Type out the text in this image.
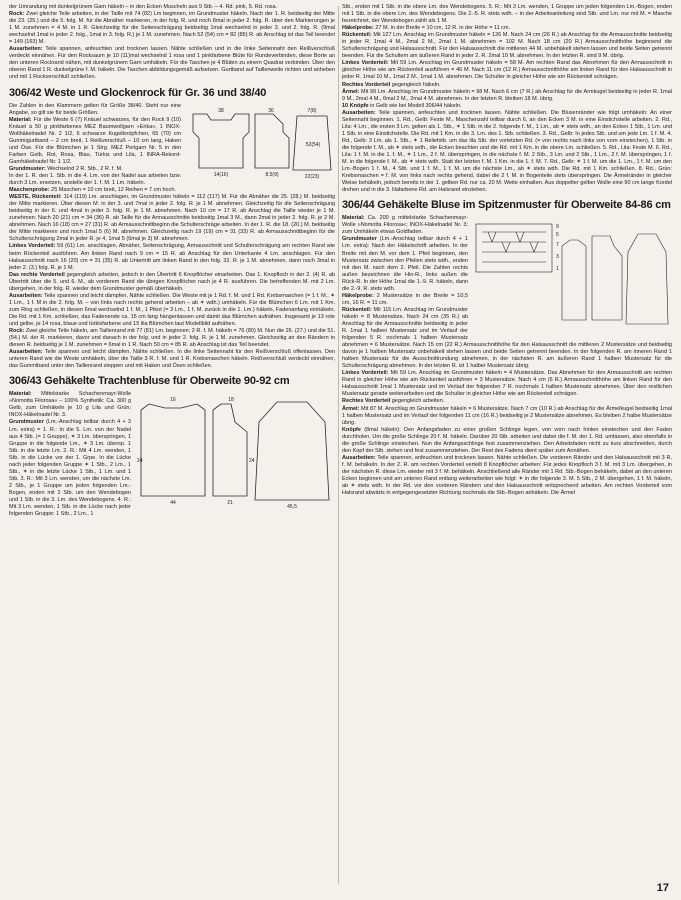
der Umrandung mit dunkelgrünem Garn häkeln – in den Ecken Muscheln aus 9 Stb. – 4. Rd. pink, 5. Rd. rosa.

Rock: Zwei gleiche Teile arbeiten, in der Taille mit 74 (82) Lm beginnen, im Grundmuster häkeln. Nach der 1. R. beidseitig der Mitte die 23. (25.) und die 5. folg. M. für die Abnäher markieren, in der folg. R. und noch 8mal in jeder 2. folg. R. über den Markierungen je 1 M. zunehmen = 4 M. in 1 R. Gleichzeitig für die Seitenschrägung beidseitig 1mal wechselnd in jeder 3. und 2. folg. R. (9mal wechselnd 1mal in jeder 2. folg., 1mal in 3. folg. R.) je 1 M. zunehmen. Nach 52 (54) cm = 82 (85) R. ab Anschlag ist das Teil beendet = 149 (163) M.

Ausarbeiten: Teile spannen, anfeuchten und trocknen lassen. Nähte schließen und in die linke Seitennaht den Reißverschluß verdeckt einnähen. Für den Rocksaum je 10 (11)mal wechselnd 1 rosa und 1 pinkfarbene Blüte für Rundeverbinden, diese Borte an den unteren Rockrand nähen, mit dunkelgrünem Garn umhäkeln. Für die Taschen je 4 Blüten zu einem Quadrat verbinden. Über den oberen Rand 1 R. dunkelgrüne f. M. häkeln. Die Taschen abbildungsgemäß aufsetzen. Gurtband auf Taillenweite richten und anheben und mit 1 Rockverschluß schließen.

306/42 Weste und Glockenrock für Gr. 36 und 38/40
38	36
14(16)	8,5(9)
7(8)
22(23)
52(54)

Die Zahlen in den Klammern gelten für Größe 38/40. Steht nur eine Angabe, so gilt sie für beide Größen.

Material: Für die Weste 6 (7) Knäuel schwarzes, für den Rock 9 (10) Knäuel à 50 g pinkfarbenes MEZ Baumwollgarn »Erika«, 1 INOX-Wollhäkelnadel Nr. 2 1/2, 6 schwarze Kugelknöpfchen, 65 (70) cm Gummigurtband – 2 cm breit, 1 Reißverschluß – 10 cm lang, Haken und Öse. Für die Blümchen je 1 Strg. MEZ Perlgarn Nr. 5 in den Farben Gelb, Rot, Rosa, Blau, Türkis und Lila, 1 INRA-Rekord-Garnhäkelnadel Nr. 1 1/2.

Grundmuster: Wechselnd 2 R. Stb., 2 R. f. M.

In der 1. R. den 1. Stb. in die 4. Lm. von der Nadel aus arbeiten bzw. durch 3 Lm. ersetzen, anstelle der 1. f. M. 1 Lm. häkeln.

Maschenprobe: 25 Maschen = 10 cm breit, 12 Reihen = 7 cm hoch.

WESTE, Rückenteil: 114 (119) Lm. anschlagen, im Grundmuster häkeln = 112 (117) M. Für die Abnäher die 25. (28.) M. beidseitig der Mitte markieren. Über diesen M. in der 3. und 7mal in jeder 2. folg. R. je 1 M. abnehmen. Gleichzeitig für die Seitenschrägung beidseitig in der 6. und 4mal in jeder 3. folg. R. je 1 M. abnehmen. Nach 10 cm = 17 R. ab Anschlag die Taille wieder je 1 M. zunehmen: Nach 20 (21) cm = 34 (36) R. ab Taille für die Armausschnitte beidseitig 1mal 3 M., dann 2mal in jeder 2. folg. R. je 2 M. abnehmen. Nach 16 (18) cm = 27 (31) R. ab Armausschnittbeginn die Schulterschräge arbeiten. In der 1. R. die 18. (20.) M. beidseitig der Mitte markieren und noch 1mal 5 (6) M. abnehmen. Gleichzeitig nach 19 (19) cm = 31 (33) R. ab Armausschnittbeginn für die Schulterschrägung 2mal in jeder R. je 4, 1mal 5 (6mal je 3) M. abnehmen.

Linkes Vorderteil: 59 (61) Lm. anschlagen, Abnäher, Seitenschrägung, Armausschnitt und Schulterschrägung am rechten Rand wie beim Rückenteil ausführen. Am linken Rand nach 9 cm = 15 R. ab Anschlag für den Unterkante 4 Lm. anschlagen. Für den Halsausschnitt nach 16 (20) cm = 31 (35) R. ab Untertritt am linken Rand in den folg. 32. R. je 1 M. abnehmen, dann noch 3mal in jeder 2. (3.) folg. R. je 1 M.

Das rechte Vorderteil gegengleich arbeiten, jedoch in den Übertritt 6 Knopflöcher einarbeiten. Das 1. Knopfloch in der 2. (4) R. ab Übertritt über die 5. und 6. M., ab vorderem Rand die übrigen Knopflöcher nach je 4 R. ausführen. Die betreffenden M. mit 2 Lm. übergehen, in der folg. R. wieder dem Grundmuster gemäß überhäkeln.

Ausarbeiten: Teile spannen und leicht dämpfen, Nähte schließen. Die Weste mit je 1 Rd. f. M. und 1 Rd. Krebsmaschen (= 1 f. M., ✶ 1 Lm., 1 f. M in die 2. folg. M. – von links nach rechts gehend arbeiten – ab ✶ wdh.) umhäkeln. Für die Blümchen 6 Lm. mit 1 Km. zum Ring schließen, in diesen 6mal wechselnd 1 f. M., 1 Pikot (= 3 Lm., 1 f. M. zurück in die 1. Lm.) häkeln, Fadenanfang einhäkeln. Die Rd. mit 1 Km. schließen, das Fadenende ca. 15 cm lang hängenlassen und damit das Blümchen aufnähen. Insgesamt je 13 rote und gelbe, je 14 rosa, blaue und türkisfarbene und 15 lila Blümchen laut Modellbild aufnähen.

Rock: Zwei gleiche Teile häkeln, am Taillenrand mit 77 (81) Lm. beginnen; 2 R. f. M. häkeln = 76 (80) M. Nun die 26. (27.) und die 51. (54.) M. der R. markieren, davor und danach in der folg. und in jeder 2. folg. R. je 1 M. zunehmen. Gleichzeitig an den Rändern in diesen R. beidseitig je 1 M. zunehmen = 6mal in 1 R. Nach 50 cm = 85 R. ab Anschlag ist das Teil beendet.

Ausarbeiten: Teile spannen und leicht dämpfen, Nähte schließen. In die linke Seitennaht für den Reißverschluß offenlassen. Den unteren Rand wie die Weste umhäkeln, über die Taille 3 R. f. M. und 1 R. Krebsmaschen häkeln. Reißverschluß verdeckt einnähen, das Gummiband unter den Taillenrand steppen und mit Haken und Ösen schließen.

306/43 Gehäkelte Trachtenbluse für Oberweite 90-92 cm
16	18
44
45,5
24	24
21

Material: Mittelstarke Schachenmayr-Wolle »Nomotta Filorosa« – 100% Synthetik: Ca. 300 g Gelb, zum Umhäkeln je 10 g Lila und Grün; INOX-Häkelnadel Nr. 3.

Grundmuster (Lm.-Anschlag teilbar durch 4 + 3 Lm. extra) = 1. R.: In die 5. Lm. von der Nadel aus 4 Stb. (= 1 Gruppe), ✶ 3 Lm. überspringen, 1 Gruppe in die folgende Lm., ✶ 3 Lm. übersp. 1 Stb. in die letzte Lm. 2. R.: Mit 4 Lm. wenden, 1 Stb. in die Lücke vor der 1. Grpe. In die Lücke nach jeder folgenden Gruppe ✶ 1 Stb., 2 Lm., 1 Stb., ✶ in die letzte Lücke 1 Stb., 1 Lm. und 1 Stb. 3. R.: Mit 3 Lm. wenden, um die nächste Lm. 2 Stb., je 1 Gruppe um jeden folgenden Lm.-Bogen, enden mit 2 Stb. um den Wendebogen und 1 Stb. in die 3. Lm. des Wendebogens. 4. R.: Mit 3 Lm. wenden, 1 Stb. in die Lücke nach jeder folgenden Gruppe: 1 Stb., 2 Lm., 1

Stb., enden mit 1 Stb. in die obere Lm. des Wendebogens. 5. R.: Mit 3 Lm. wenden, 1 Gruppe um jeden folgenden Lm.-Bogen, enden mit 1 Stb. in die obere Lm. des Wendebogens. Die 2.-5. R. stets wdh. – in der Arbeitsanleitung sind Stb. und Lm. nur mit M. = Masche bezeichnet, der Wendebogen zählt als 1 M.

Häkelprobe: 27 M. in der Breite = 10 cm, 12 R. in der Höhe = 11 cm.

Rückenteil: Mit 127 Lm. Anschlag im Grundmuster häkeln = 126 M. Nach 24 cm (26 R.) ab Anschlag für die Armausschnitte beidseitig in jeder R. 1mal 4 M., 2mal 2 M., 2mal 1 M. abnehmen = 102 M. Nach 18 cm (20 R.) Armausschnitthöhe beginnend die Schulterschrägung und Halsausschnitt. Für den Halsausschnitt die mittleren 44 M. unbehäkelt stehen lassen und beide Seiten getrennt beenden. Für die Schultern am äußeren Rand in jeder 2. R. 2mal 10 M. abnehmen. In der letzten R. sind 9 M. übrig.

Linkes Vorderteil: Mit 59 Lm. Anschlag im Grundmuster häkeln = 58 M. Am rechten Rand das Abnehmen für den Armausschnitt in gleicher Höhe wie am Rückenteil ausführen = 46 M. Nach 11 cm (12 R.) Armausschnitthöhe am linken Rand für den Halsausschnitt in jeder R. 1mal 10 M., 1mal 2 M., 1mal 1 M. abnehmen. Die Schulter in gleicher Höhe wie am Rückenteil schrägen.

Rechtes Vorderteil gegengleich häkeln.

Ärmel: Mit 99 Lm. Anschlag im Grundmuster häkeln = 98 M. Nach 6 cm (7 R.) ab Anschlag für die Armkugel beidseitig in jeder R. 1mal 9 M., 2mal 4 M., 6mal 2 M., 2mal 4 M. abnehmen. In der letzten R. bleiben 18 M. übrig.

10 Knöpfe in Gelb wie bei Modell 306/44 häkeln.

Ausarbeiten: Teile spannen, anfeuchten und trocknen lassen. Nähte schließen. Die Blusenränder wie folgt umhäkeln: An einer Seitennaht beginnen. 1. Rd., Gelb: Feste M., Maschenzahl teilbar durch 6, an den Ecken 3 M. in eine Einstichstelle arbeiten. 2. Rd., Lila: 4 Lm., die ersten 3 Lm. gelten als 1. Stb., ✶ 1 Stb. in die 2. folgende f. M., 1 Lm., ab ✶ stets wdh., an den Ecken 1 Stb., 1 Lm. und 1 Stb. in eine Einstichstelle. Die Rd. mit 1 Km. in die 3. Lm. des 1. Stb. schließen. 3. Rd., Gelb: In jedes Stb. und um jede Lm. 1 f. M. 4. Rd., Gelb: 3 Lm. als 1. Stb., ✶ 1 Reliefstb. um das lila Stb. der vorletzten Rd. (= von rechts nach links von vorn einstechen), 1 Stb. in die folgende f. M., ab ✶ stets wdh., die Ecken beachten und die Rd. mit 1 Km. in die obere Lm. schließen. 5. Rd., Lila: Feste M. 6. Rd., Lila: 1 f. M. in die 1. f. M., ✶ 1 Lm., 2 f. M. überspringen, in die nächste f. M. 2 Stb., 3 Lm. und 2 Stb., 1 Lm., 2 f. M. überspringen, 1 f. M. in die folgende f. M., ab ✶ stets wdh. Statt der letzten f. M. 1 Km. in die 1. f. M. 7. Rd., Gelb: ✶ 1 f. M. um die 1. Lm., 1 f. M. um den Lm.-Bogen 1 f. M., 4 Stb. und 1 f. M., 1 f. M. um die nächste Lm., ab ✶ stets wdh. Die Rd. mit 1 Km. schließen. 8. Rd., Grün: Krebsmaschen = f. M. von links nach rechts gehend, dabei die 2 f. M. in Bogenteile stets überspringen. Die Ärmelränder in gleicher Weise behäkeln, jedoch bereits in der 1. gelben Rd. nur ca. 20 M. Weite einhalten. Aus doppelter gelber Wolle eine 90 cm lange Kordel drehen und in die 3. lilafarbene Rd. am Halsrand einziehen.

306/44 Gehäkelte Bluse im Spitzenmuster für Oberweite 84-86 cm
5
1
9
7
3

Material: Ca. 200 g mittelstarke Schachenmayr-Wolle »Nomotta Filorosa«; INOX-Häkelnadel Nr. 3; zum Umhäkeln etwas Goldfaden.

Grundmuster (Lm.-Anschlag teilbar durch 4 + 1 Lm. extra): Nach der Häkelschrift arbeiten. In der Breite mit den M. vor dem 1. Pfeil beginnen, den Mustersatz zwischen den Pfeilen stets wdh., enden mit den M. nach dem 2. Pfeil. Die Zahlen rechts außen bezeichnen die Hin-R., links außen die Rück-R. In der Höhe 1mal die 1.-9. R. häkeln, dann die 2.-9. R. stets wdh.

Häkelprobe: 2 Mustersätze in der Breite = 10,5 cm, 16 R. = 11 cm.

Rückenteil: Mit 115 Lm. Anschlag im Grundmuster häkeln = 8 Mustersätze. Nach 24 cm (35 R.) ab Anschlag für die Armausschnitte beidseitig in jeder R. 1mal 1 halben Mustersatz und im Verlauf der folgenden 5 R. nochmals 1 halben Mustersatz abnehmen = 6 Mustersätze. Nach 15 cm (22 R.) Armausschnitthöhe für den Halsausschnitt die mittleren 2 Mustersätze und beidseitig davon je 1 halben Mustersatz unbehäkelt stehen lassen und beide Seiten getrennt beenden. In der folgenden R. am inneren Rand 1 halben Mustersatz für die Ausschnittrundung abnehmen, in der nächsten R. am äußeren Rand 1 halben Mustersatz für die Schulterschrägung abnehmen. In der letzten R. ist 1 halber Mustersatz übrig.

Linkes Vorderteil: Mit 59 Lm. Anschlag im Grundmuster häkeln = 4 Mustersätze. Das Abnehmen für den Armausschnitt am rechten Rand in gleicher Höhe wie am Rückenteil ausführen = 3 Mustersätze. Nach 4 cm (6 R.) Armausschnitthöhe am linken Rand für den Halsausschnitt 1mal 1 Mustersatz und im Verlauf der folgenden 7 R. nochmals 1 halben Mustersatz abnehmen. Über den restlichen Mustersatz gerade weiterarbeiten und die Schulter in gleicher Höhe wie am Rückenteil schrägen.

Rechtes Vorderteil gegengleich arbeiten.

Ärmel: Mit 87 M. Anschlag im Grundmuster häkeln = 6 Mustersätze. Nach 7 cm (10 R.) ab Anschlag für die Ärmelkugel beidseitig 1mal 1 halben Mustersatz und im Verlauf der folgenden 11 cm (16 R.) beidseitig je 2 Mustersätze abnehmen. Es bleiben 2 halbe Mustersätze übrig.

Knöpfe (8mal häkeln): Den Anfangsfaden zu einer großen Schlinge legen, von vorn nach hinten einstechen und den Faden durchholen. Um die große Schlinge 20 f. M. häkeln. Darüber 20 Stb. arbeiten und dabei die f. M. der 1. Rd. umfassen, also ebenfalls in die große Schlinge einstechen. Nun die Anfangsschlinge fest zusammenziehen. Den Arbeitsfaden nicht zu kurz abschneiden, durch den Kopf der Stb. ziehen und fest zusammenziehen. Der Rest des Fadens dient später zum Annähen.

Ausarbeiten: Teile spannen, anfeuchten und trocknen lassen. Nähte schließen. Die vorderen Ränder und den Halsausschnitt mit 3 R. f. M. behäkeln. In der 2. R. am rechten Vorderteil verteilt 8 Knopflöcher arbeiten: Für jedes Knopfloch 3 f. M. mit 3 Lm. übergehen, in der nächsten R. diese Lm. wieder mit 3 f. M. behäkeln. Anschließend alle Ränder mit 1 Rd. Stb.-Bogen behäkeln, dabei an den unteren Ecken beginnen und am unteren Rand entlang weiterarbeiten wie folgt: ✶ in die folgende 3. M. 5 Stb., 2 M. übergehen, 1 f. M. häkeln, ab ✶ stets wdh. In der Rd. vor den vorderen Rändern und den Halsausschnitt entsprechend arbeiten. Am rechten Vorderteil vom Halsrand abwärts in entgegengesetzter Richtung nochmals die Stb.-Bogen anhäkeln. Die Ärmel

17
